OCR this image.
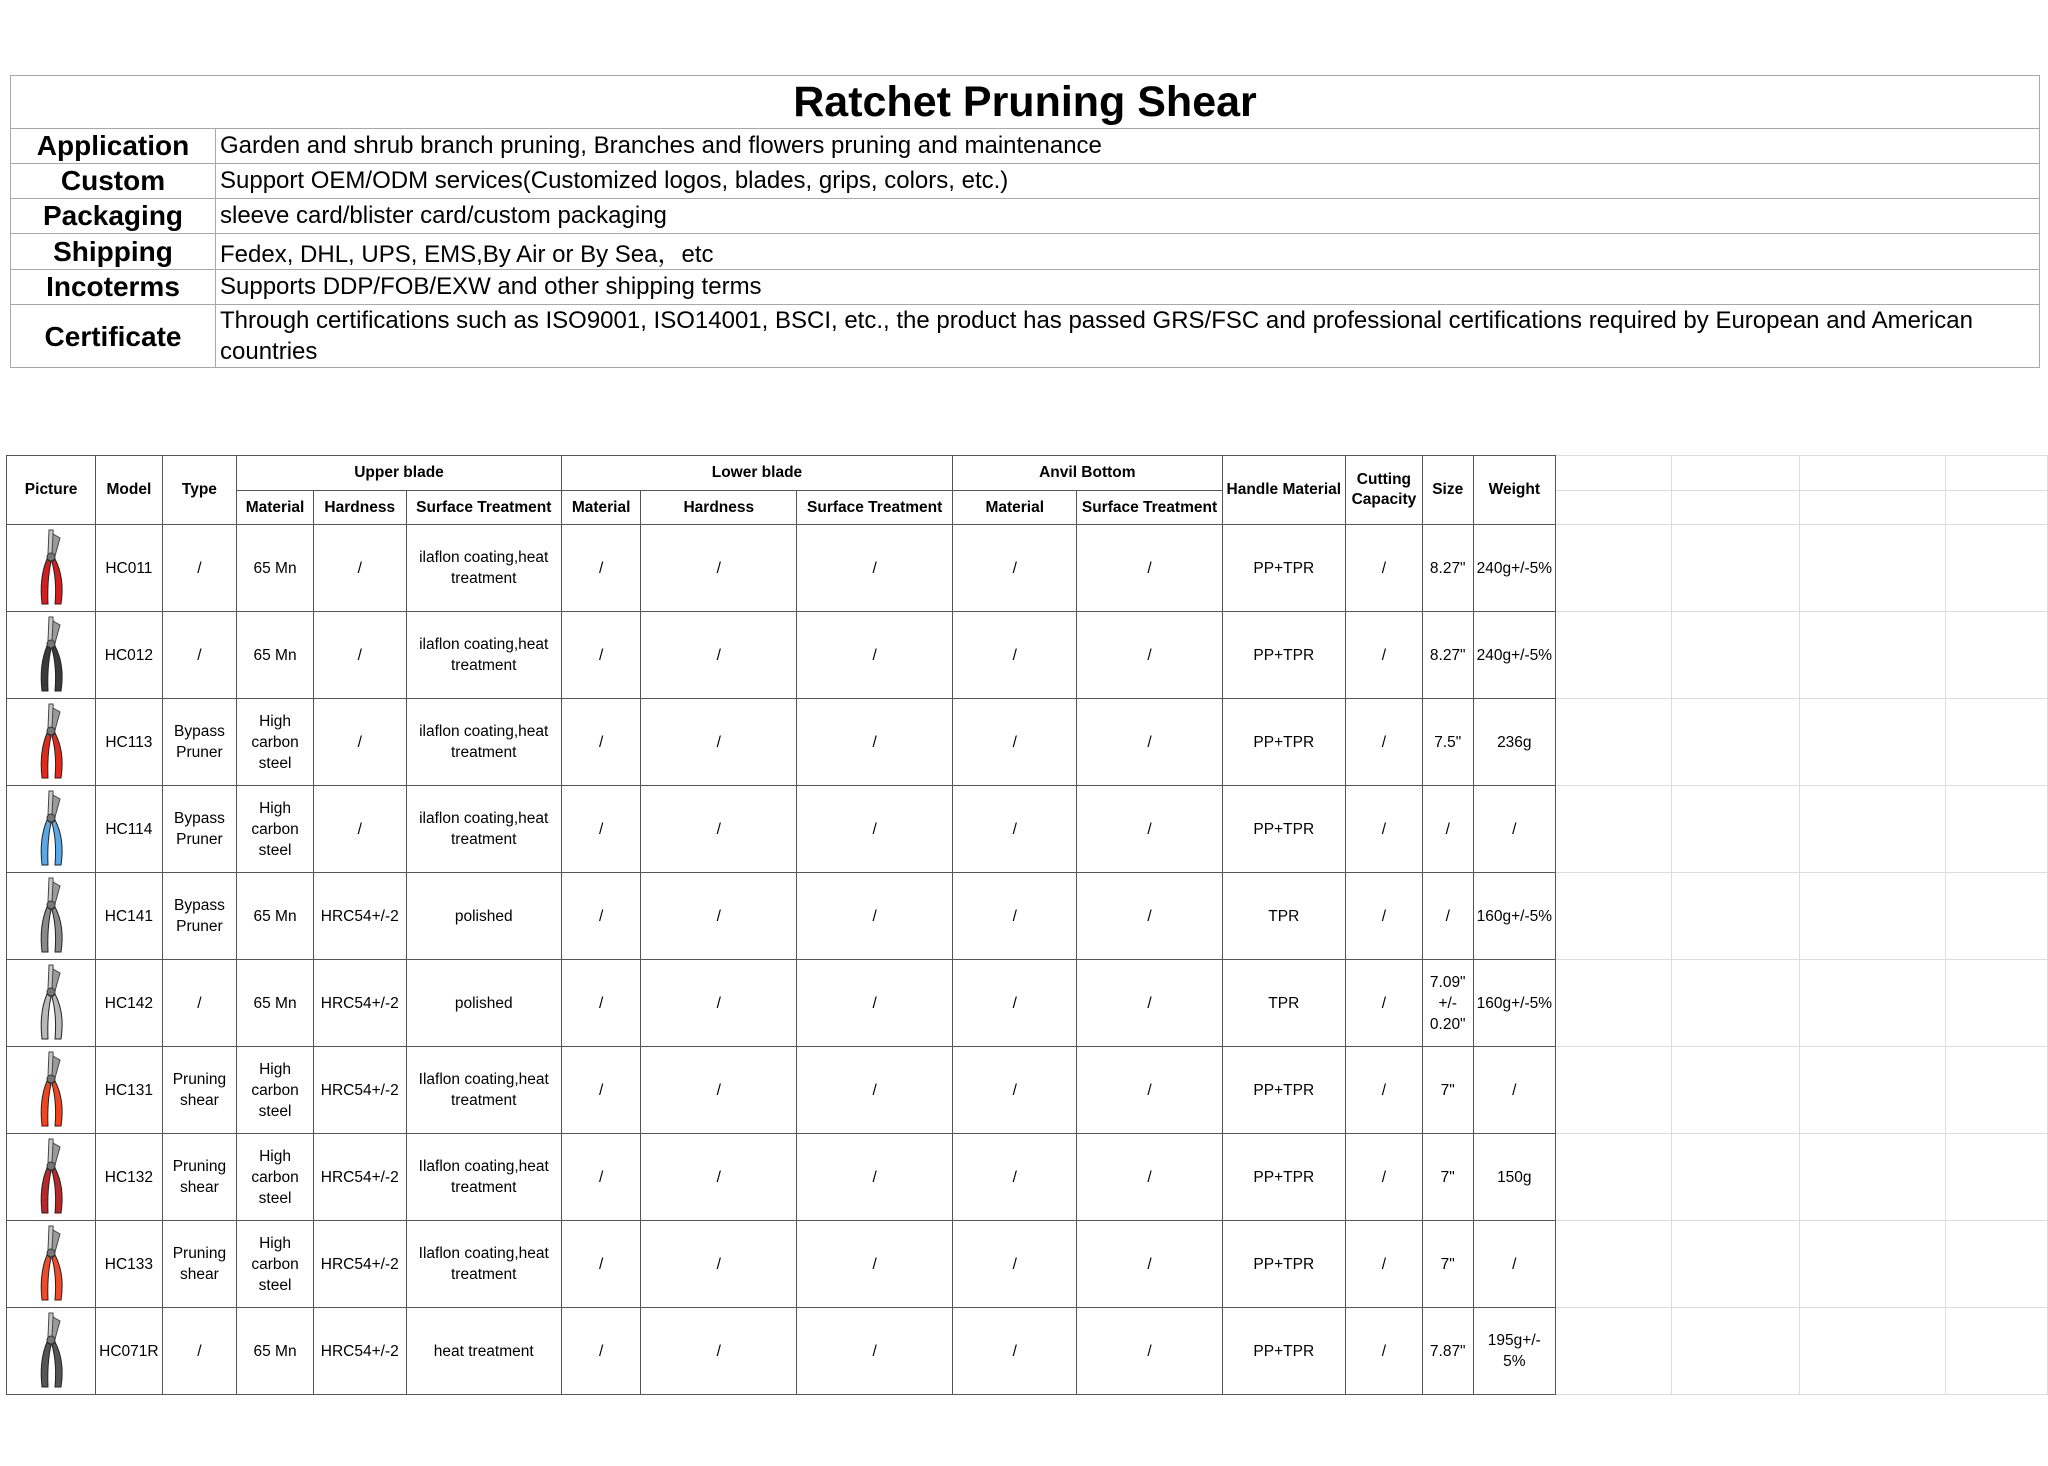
Ratchet Pruning Shear	
Application	Garden and shrub branch pruning, Branches and flowers pruning and maintenance
Custom	Support OEM/ODM services(Customized logos, blades, grips, colors, etc.)
Packaging	sleeve card/blister card/custom packaging
Shipping	Fedex, DHL, UPS, EMS,By Air or By Sea，etc
Incoterms	Supports DDP/FOB/EXW and other shipping terms
Certificate	Through certifications such as ISO9001, ISO14001, BSCI, etc., the product has passed GRS/FSC and professional certifications required by European and American countries
Picture	Model	Type	Upper blade			Lower blade			Anvil Bottom		Handle Material	Cutting Capacity	Size	Weight				
			Material	Hardness	Surface Treatment	Material	Hardness	Surface Treatment	Material	Surface Treatment								

	HC011	/	65 Mn	/	ilaflon coating,heat treatment	/	/	/	/	/	PP+TPR	/	8.27"	240g+/-5%				

	HC012	/	65 Mn	/	ilaflon coating,heat treatment	/	/	/	/	/	PP+TPR	/	8.27"	240g+/-5%				

	HC113	Bypass Pruner	High carbon steel	/	ilaflon coating,heat treatment	/	/	/	/	/	PP+TPR	/	7.5"	236g				

	HC114	Bypass Pruner	High carbon steel	/	ilaflon coating,heat treatment	/	/	/	/	/	PP+TPR	/	/	/				

	HC141	Bypass Pruner	65 Mn	HRC54+/-2	polished	/	/	/	/	/	TPR	/	/	160g+/-5%				

	HC142	/	65 Mn	HRC54+/-2	polished	/	/	/	/	/	TPR	/	7.09" +/- 0.20"	160g+/-5%				

	HC131	Pruning shear	High carbon steel	HRC54+/-2	Ilaflon coating,heat treatment	/	/	/	/	/	PP+TPR	/	7"	/				

	HC132	Pruning shear	High carbon steel	HRC54+/-2	Ilaflon coating,heat treatment	/	/	/	/	/	PP+TPR	/	7"	150g				

	HC133	Pruning shear	High carbon steel	HRC54+/-2	Ilaflon coating,heat treatment	/	/	/	/	/	PP+TPR	/	7"	/				

	HC071R	/	65 Mn	HRC54+/-2	heat treatment	/	/	/	/	/	PP+TPR	/	7.87"	195g+/- 5%				
